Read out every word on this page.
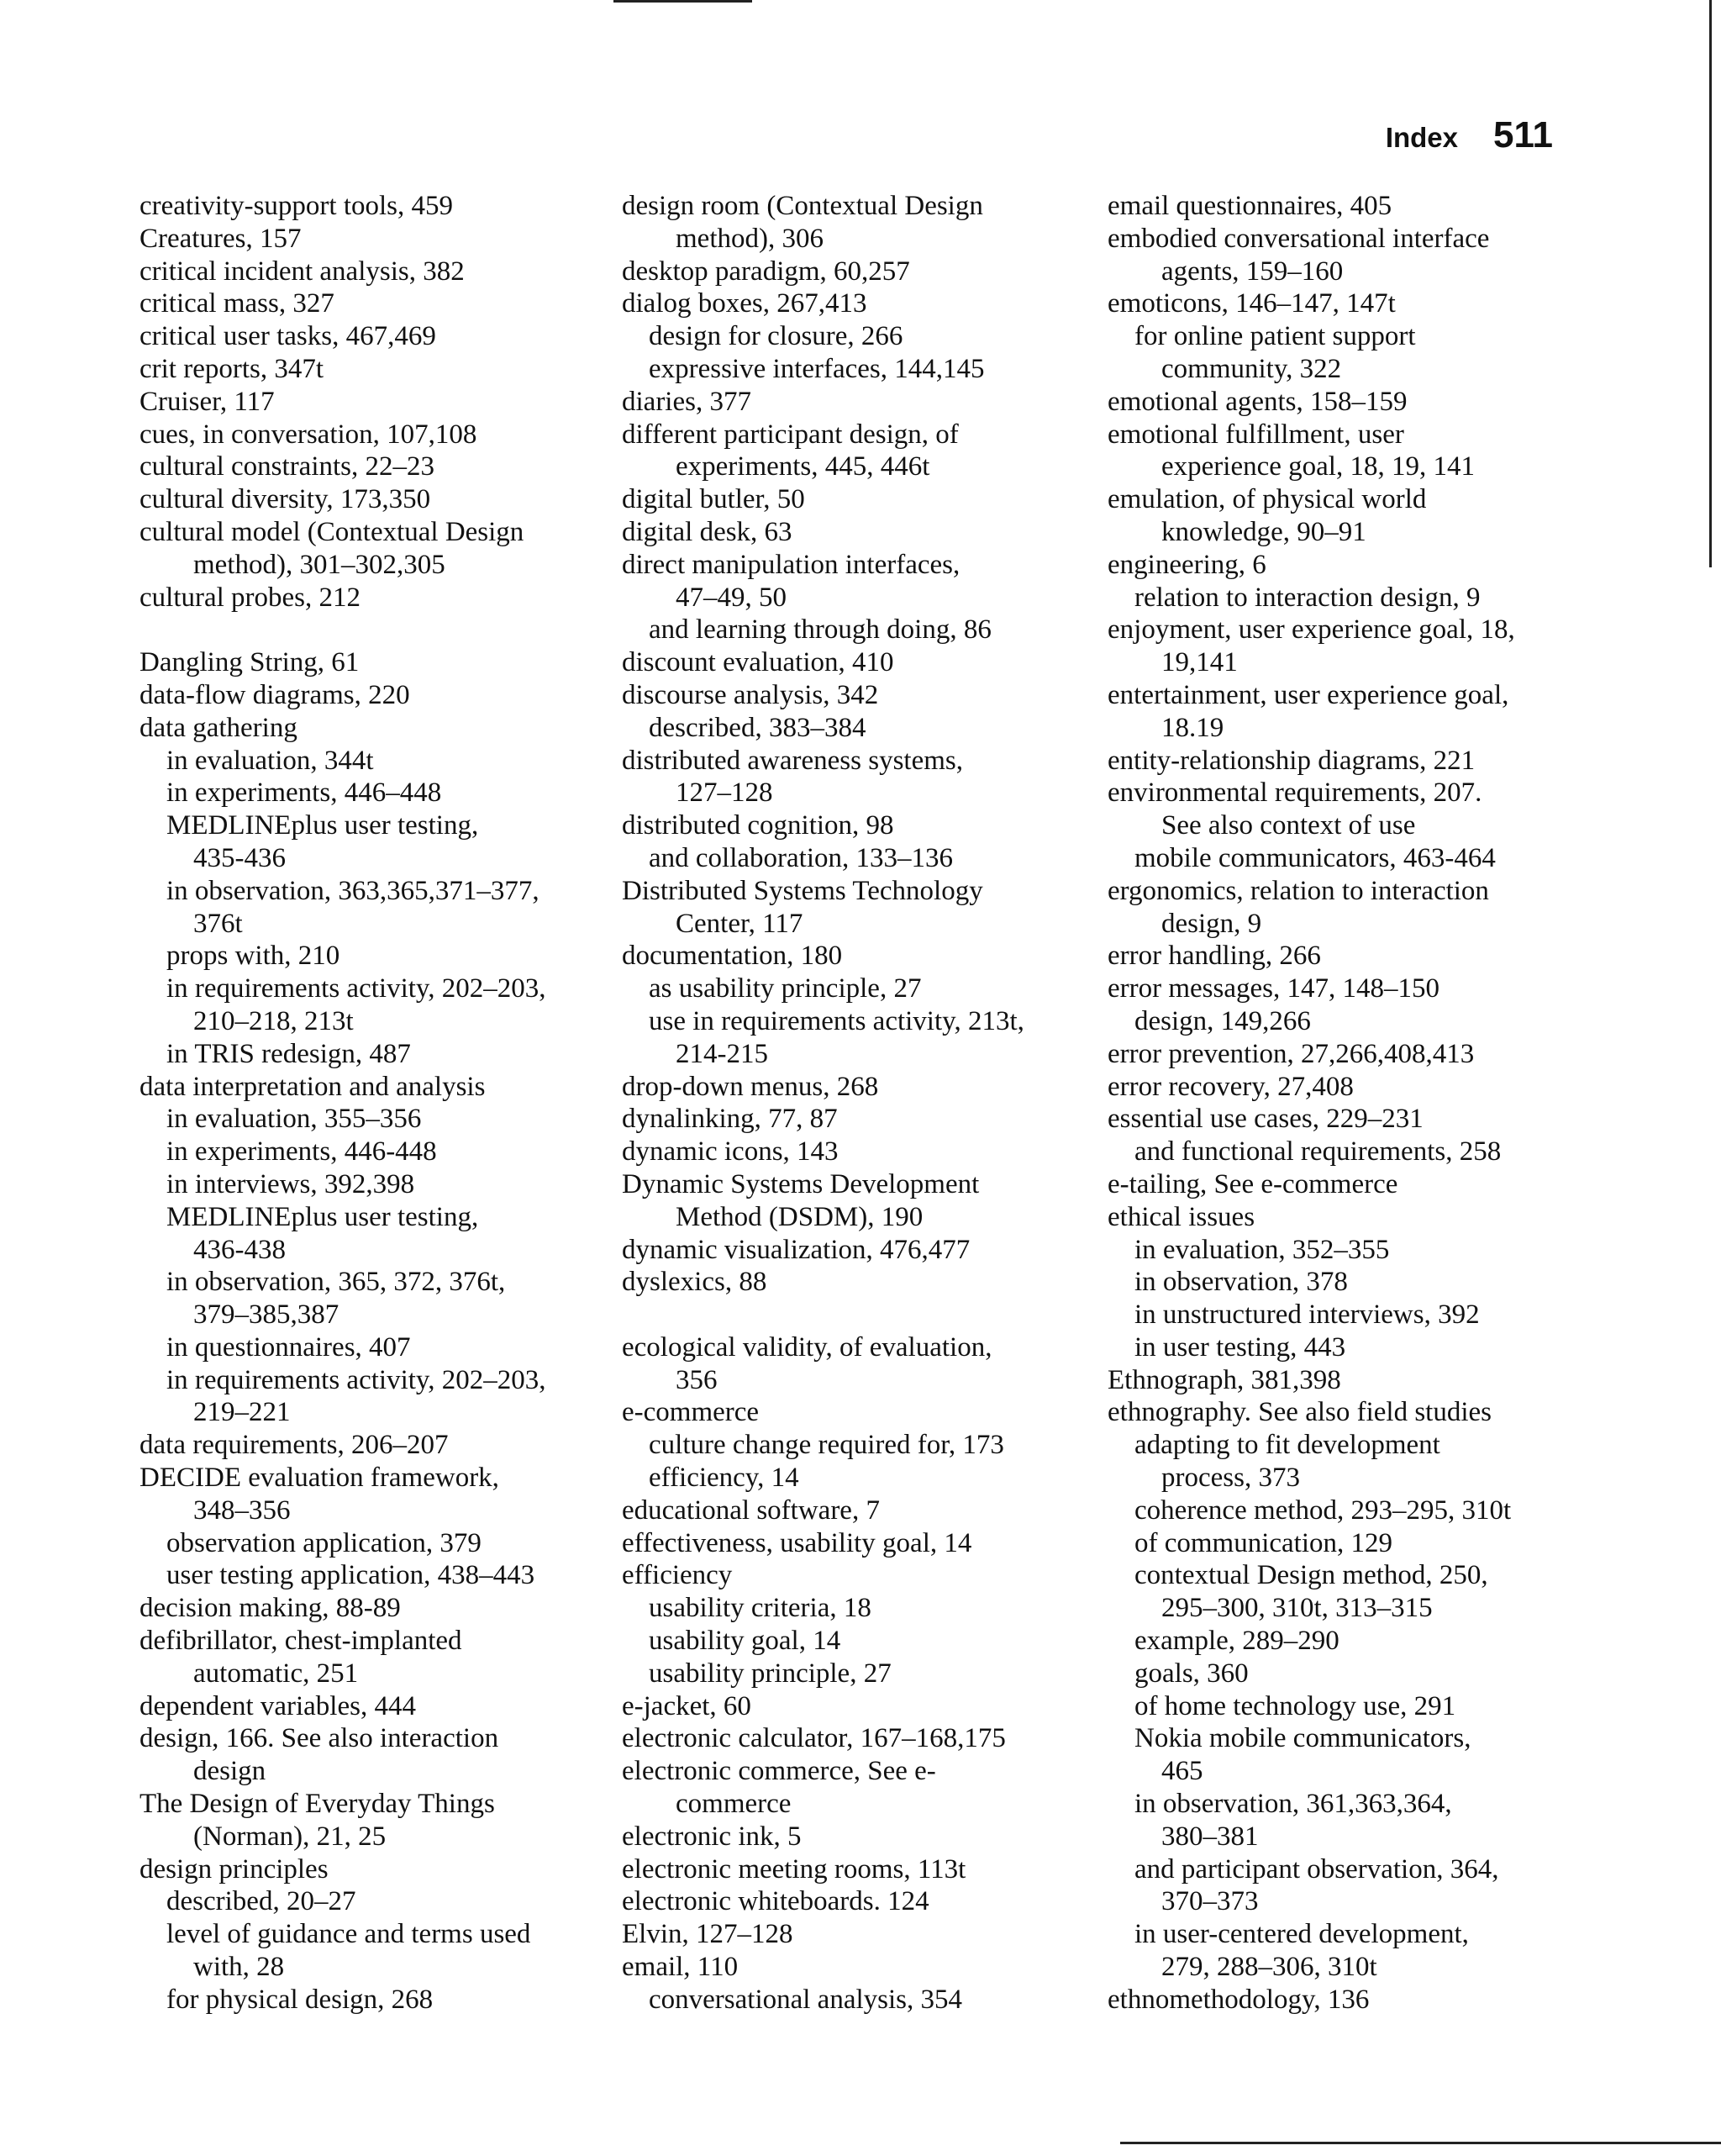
Index 511
creativity-support tools, 459
Creatures, 157
critical incident analysis, 382
critical mass, 327
critical user tasks, 467,469
crit reports, 347t
Cruiser, 117
cues, in conversation, 107,108
cultural constraints, 22–23
cultural diversity, 173,350
cultural model (Contextual Design
method), 301–302,305
cultural probes, 212
Dangling String, 61
data-flow diagrams, 220
data gathering
in evaluation, 344t
in experiments, 446–448
MEDLINEplus user testing,
435-436
in observation, 363,365,371–377,
376t
props with, 210
in requirements activity, 202–203,
210–218, 213t
in TRIS redesign, 487
data interpretation and analysis
in evaluation, 355–356
in experiments, 446-448
in interviews, 392,398
MEDLINEplus user testing,
436-438
in observation, 365, 372, 376t,
379–385,387
in questionnaires, 407
in requirements activity, 202–203,
219–221
data requirements, 206–207
DECIDE evaluation framework,
348–356
observation application, 379
user testing application, 438–443
decision making, 88-89
defibrillator, chest-implanted
automatic, 251
dependent variables, 444
design, 166. See also interaction
design
The Design of Everyday Things
(Norman), 21, 25
design principles
described, 20–27
level of guidance and terms used
with, 28
for physical design, 268
design room (Contextual Design
method), 306
desktop paradigm, 60,257
dialog boxes, 267,413
design for closure, 266
expressive interfaces, 144,145
diaries, 377
different participant design, of
experiments, 445, 446t
digital butler, 50
digital desk, 63
direct manipulation interfaces,
47–49, 50
and learning through doing, 86
discount evaluation, 410
discourse analysis, 342
described, 383–384
distributed awareness systems,
127–128
distributed cognition, 98
and collaboration, 133–136
Distributed Systems Technology
Center, 117
documentation, 180
as usability principle, 27
use in requirements activity, 213t,
214-215
drop-down menus, 268
dynalinking, 77, 87
dynamic icons, 143
Dynamic Systems Development
Method (DSDM), 190
dynamic visualization, 476,477
dyslexics, 88
ecological validity, of evaluation,
356
e-commerce
culture change required for, 173
efficiency, 14
educational software, 7
effectiveness, usability goal, 14
efficiency
usability criteria, 18
usability goal, 14
usability principle, 27
e-jacket, 60
electronic calculator, 167–168,175
electronic commerce, See e-
commerce
electronic ink, 5
electronic meeting rooms, 113t
electronic whiteboards. 124
Elvin, 127–128
email, 110
conversational analysis, 354
email questionnaires, 405
embodied conversational interface
agents, 159–160
emoticons, 146–147, 147t
for online patient support
community, 322
emotional agents, 158–159
emotional fulfillment, user
experience goal, 18, 19, 141
emulation, of physical world
knowledge, 90–91
engineering, 6
relation to interaction design, 9
enjoyment, user experience goal, 18,
19,141
entertainment, user experience goal,
18.19
entity-relationship diagrams, 221
environmental requirements, 207.
See also context of use
mobile communicators, 463-464
ergonomics, relation to interaction
design, 9
error handling, 266
error messages, 147, 148–150
design, 149,266
error prevention, 27,266,408,413
error recovery, 27,408
essential use cases, 229–231
and functional requirements, 258
e-tailing, See e-commerce
ethical issues
in evaluation, 352–355
in observation, 378
in unstructured interviews, 392
in user testing, 443
Ethnograph, 381,398
ethnography. See also field studies
adapting to fit development
process, 373
coherence method, 293–295, 310t
of communication, 129
contextual Design method, 250,
295–300, 310t, 313–315
example, 289–290
goals, 360
of home technology use, 291
Nokia mobile communicators,
465
in observation, 361,363,364,
380–381
and participant observation, 364,
370–373
in user-centered development,
279, 288–306, 310t
ethnomethodology, 136
